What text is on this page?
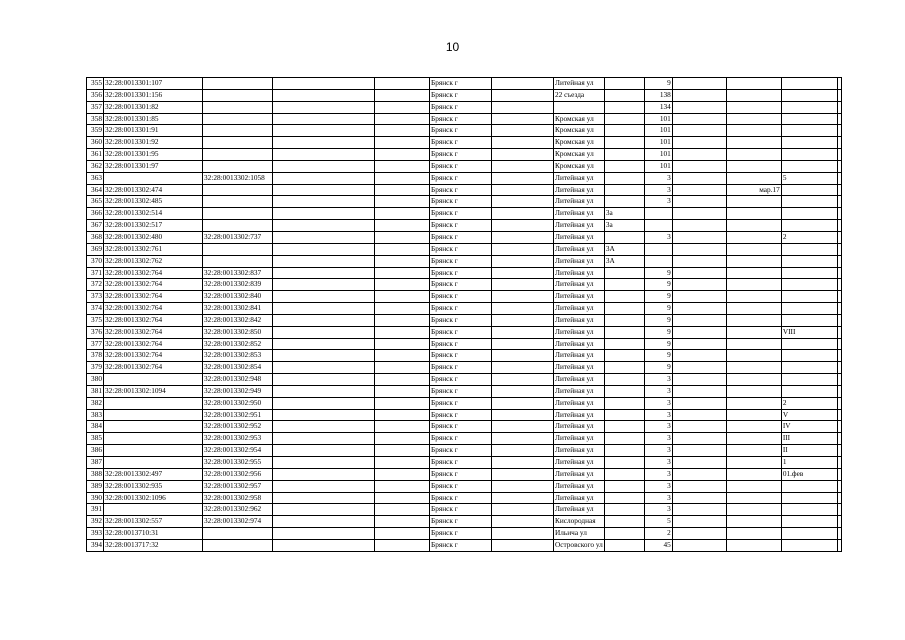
10
355	32:28:0013301:107				Брянск г		Литейная ул		9				
356	32:28:0013301:156				Брянск г		22 съезда		138				
357	32:28:0013301:82				Брянск г				134				
358	32:28:0013301:85				Брянск г		Кромская ул		101				
359	32:28:0013301:91				Брянск г		Кромская ул		101				
360	32:28:0013301:92				Брянск г		Кромская ул		101				
361	32:28:0013301:95				Брянск г		Кромская ул		101				
362	32:28:0013301:97				Брянск г		Кромская ул		101				
363		32:28:0013302:1058			Брянск г		Литейная ул		3			5	
364	32:28:0013302:474				Брянск г		Литейная ул		3		мар.17		
365	32:28:0013302:485				Брянск г		Литейная ул		3				
366	32:28:0013302:514				Брянск г		Литейная ул	3а					
367	32:28:0013302:517				Брянск г		Литейная ул	3а					
368	32:28:0013302:480	32:28:0013302:737			Брянск г		Литейная ул		3			2	
369	32:28:0013302:761				Брянск г		Литейная ул	3А					
370	32:28:0013302:762				Брянск г		Литейная ул	3А					
371	32:28:0013302:764	32:28:0013302:837			Брянск г		Литейная ул		9				
372	32:28:0013302:764	32:28:0013302:839			Брянск г		Литейная ул		9				
373	32:28:0013302:764	32:28:0013302:840			Брянск г		Литейная ул		9				
374	32:28:0013302:764	32:28:0013302:841			Брянск г		Литейная ул		9				
375	32:28:0013302:764	32:28:0013302:842			Брянск г		Литейная ул		9				
376	32:28:0013302:764	32:28:0013302:850			Брянск г		Литейная ул		9			VIII	
377	32:28:0013302:764	32:28:0013302:852			Брянск г		Литейная ул		9				
378	32:28:0013302:764	32:28:0013302:853			Брянск г		Литейная ул		9				
379	32:28:0013302:764	32:28:0013302:854			Брянск г		Литейная ул		9				
380		32:28:0013302:948			Брянск г		Литейная ул		3				
381	32:28:0013302:1094	32:28:0013302:949			Брянск г		Литейная ул		3				
382		32:28:0013302:950			Брянск г		Литейная ул		3			2	
383		32:28:0013302:951			Брянск г		Литейная ул		3			V	
384		32:28:0013302:952			Брянск г		Литейная ул		3			IV	
385		32:28:0013302:953			Брянск г		Литейная ул		3			III	
386		32:28:0013302:954			Брянск г		Литейная ул		3			II	
387		32:28:0013302:955			Брянск г		Литейная ул		3			1	
388	32:28:0013302:497	32:28:0013302:956			Брянск г		Литейная ул		3			01.фев	
389	32:28:0013302:935	32:28:0013302:957			Брянск г		Литейная ул		3				
390	32:28:0013302:1096	32:28:0013302:958			Брянск г		Литейная ул		3				
391		32:28:0013302:962			Брянск г		Литейная ул		3				
392	32:28:0013302:557	32:28:0013302:974			Брянск г		Кислородная		5				
393	32:28:0013710:31				Брянск г		Ильича ул		2				
394	32:28:0013717:32				Брянск г		Островского ул		45				
